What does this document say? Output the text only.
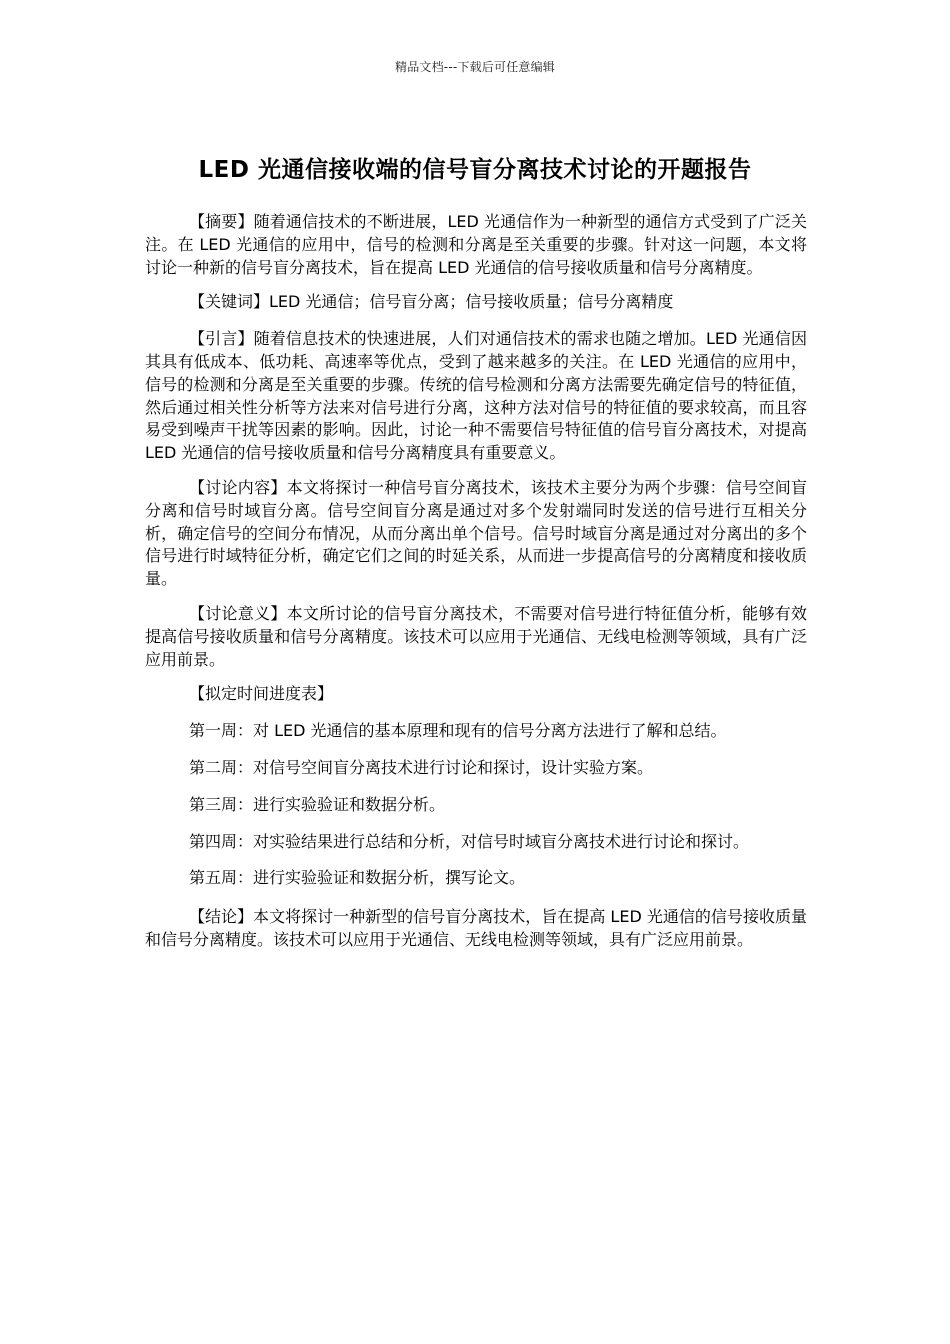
精品文档---下载后可任意编辑
LED 光通信接收端的信号盲分离技术讨论的开题报告

【摘要】随着通信技术的不断进展，LED 光通信作为一种新型的通信方式受到了广泛关注。在 LED 光通信的应用中，信号的检测和分离是至关重要的步骤。针对这一问题，本文将讨论一种新的信号盲分离技术，旨在提高 LED 光通信的信号接收质量和信号分离精度。

【关键词】LED 光通信；信号盲分离；信号接收质量；信号分离精度

【引言】随着信息技术的快速进展，人们对通信技术的需求也随之增加。LED 光通信因其具有低成本、低功耗、高速率等优点，受到了越来越多的关注。在 LED 光通信的应用中，信号的检测和分离是至关重要的步骤。传统的信号检测和分离方法需要先确定信号的特征值，然后通过相关性分析等方法来对信号进行分离，这种方法对信号的特征值的要求较高，而且容易受到噪声干扰等因素的影响。因此，讨论一种不需要信号特征值的信号盲分离技术，对提高 LED 光通信的信号接收质量和信号分离精度具有重要意义。

【讨论内容】本文将探讨一种信号盲分离技术，该技术主要分为两个步骤：信号空间盲分离和信号时域盲分离。信号空间盲分离是通过对多个发射端同时发送的信号进行互相关分析，确定信号的空间分布情况，从而分离出单个信号。信号时域盲分离是通过对分离出的多个信号进行时域特征分析，确定它们之间的时延关系，从而进一步提高信号的分离精度和接收质量。

【讨论意义】本文所讨论的信号盲分离技术，不需要对信号进行特征值分析，能够有效提高信号接收质量和信号分离精度。该技术可以应用于光通信、无线电检测等领域，具有广泛应用前景。

【拟定时间进度表】

第一周：对 LED 光通信的基本原理和现有的信号分离方法进行了解和总结。

第二周：对信号空间盲分离技术进行讨论和探讨，设计实验方案。

第三周：进行实验验证和数据分析。

第四周：对实验结果进行总结和分析，对信号时域盲分离技术进行讨论和探讨。

第五周：进行实验验证和数据分析，撰写论文。

【结论】本文将探讨一种新型的信号盲分离技术，旨在提高 LED 光通信的信号接收质量和信号分离精度。该技术可以应用于光通信、无线电检测等领域，具有广泛应用前景。
